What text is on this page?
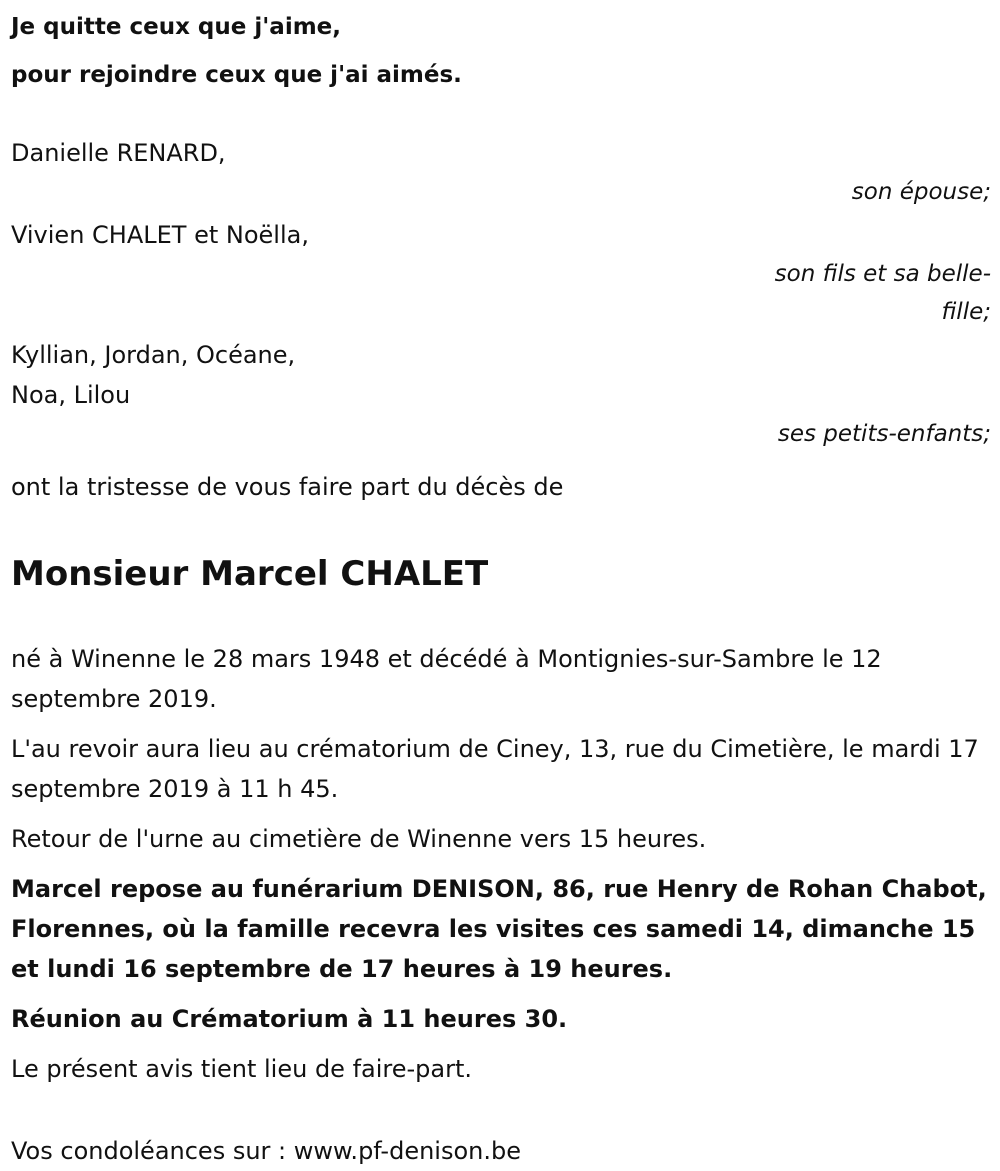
Je quitte ceux que j'aime,
pour rejoindre ceux que j'ai aimés.
Danielle RENARD,
son épouse;
Vivien CHALET et Noëlla,
son fils et sa belle-
fille;
Kyllian, Jordan, Océane,
Noa, Lilou
ses petits-enfants;
ont la tristesse de vous faire part du décès de
Monsieur Marcel CHALET

né à Winenne le 28 mars 1948 et décédé à Montignies-sur-Sambre le 12 septembre 2019.

L'au revoir aura lieu au crématorium de Ciney, 13, rue du Cimetière, le mardi 17 septembre 2019 à 11 h 45.

Retour de l'urne au cimetière de Winenne vers 15 heures.

Marcel repose au funérarium DENISON, 86, rue Henry de Rohan Chabot, Florennes, où la famille recevra les visites ces samedi 14, dimanche 15 et lundi 16 septembre de 17 heures à 19 heures.

Réunion au Crématorium à 11 heures 30.

Le présent avis tient lieu de faire-part.

Vos condoléances sur : www.pf-denison.be
